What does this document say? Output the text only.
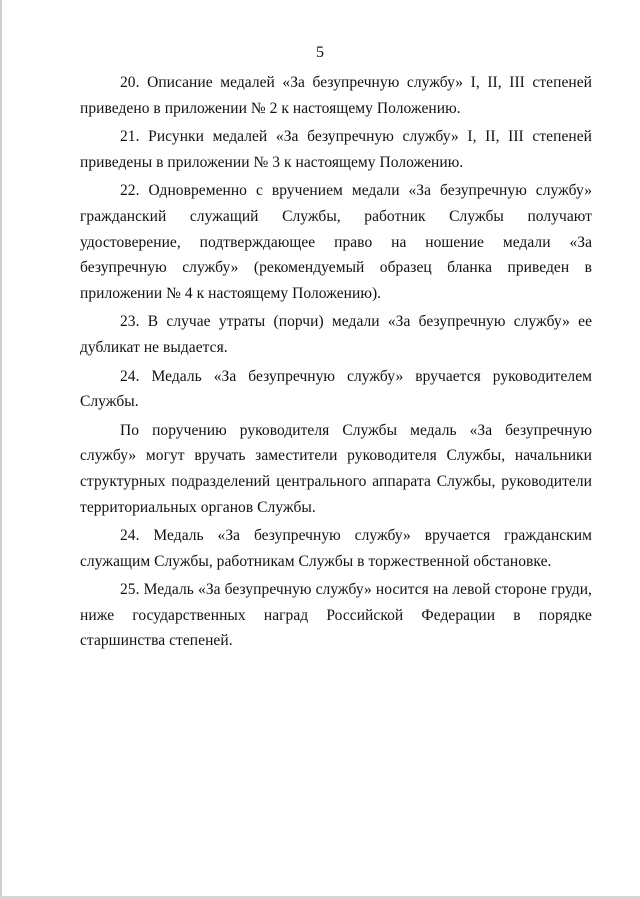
5

20. Описание медалей «За безупречную службу» I, II, III степеней приведено в приложении № 2 к настоящему Положению.

21. Рисунки медалей «За безупречную службу» I, II, III степеней приведены в приложении № 3 к настоящему Положению.

22. Одновременно с вручением медали «За безупречную службу» гражданский служащий Службы, работник Службы получают удостоверение, подтверждающее право на ношение медали «За безупречную службу» (рекомендуемый образец бланка приведен в приложении № 4 к настоящему Положению).

23. В случае утраты (порчи) медали «За безупречную службу» ее дубликат не выдается.

24. Медаль «За безупречную службу» вручается руководителем Службы.

По поручению руководителя Службы медаль «За безупречную службу» могут вручать заместители руководителя Службы, начальники структурных подразделений центрального аппарата Службы, руководители территориальных органов Службы.

24. Медаль «За безупречную службу» вручается гражданским служащим Службы, работникам Службы в торжественной обстановке.

25. Медаль «За безупречную службу» носится на левой стороне груди, ниже государственных наград Российской Федерации в порядке старшинства степеней.
